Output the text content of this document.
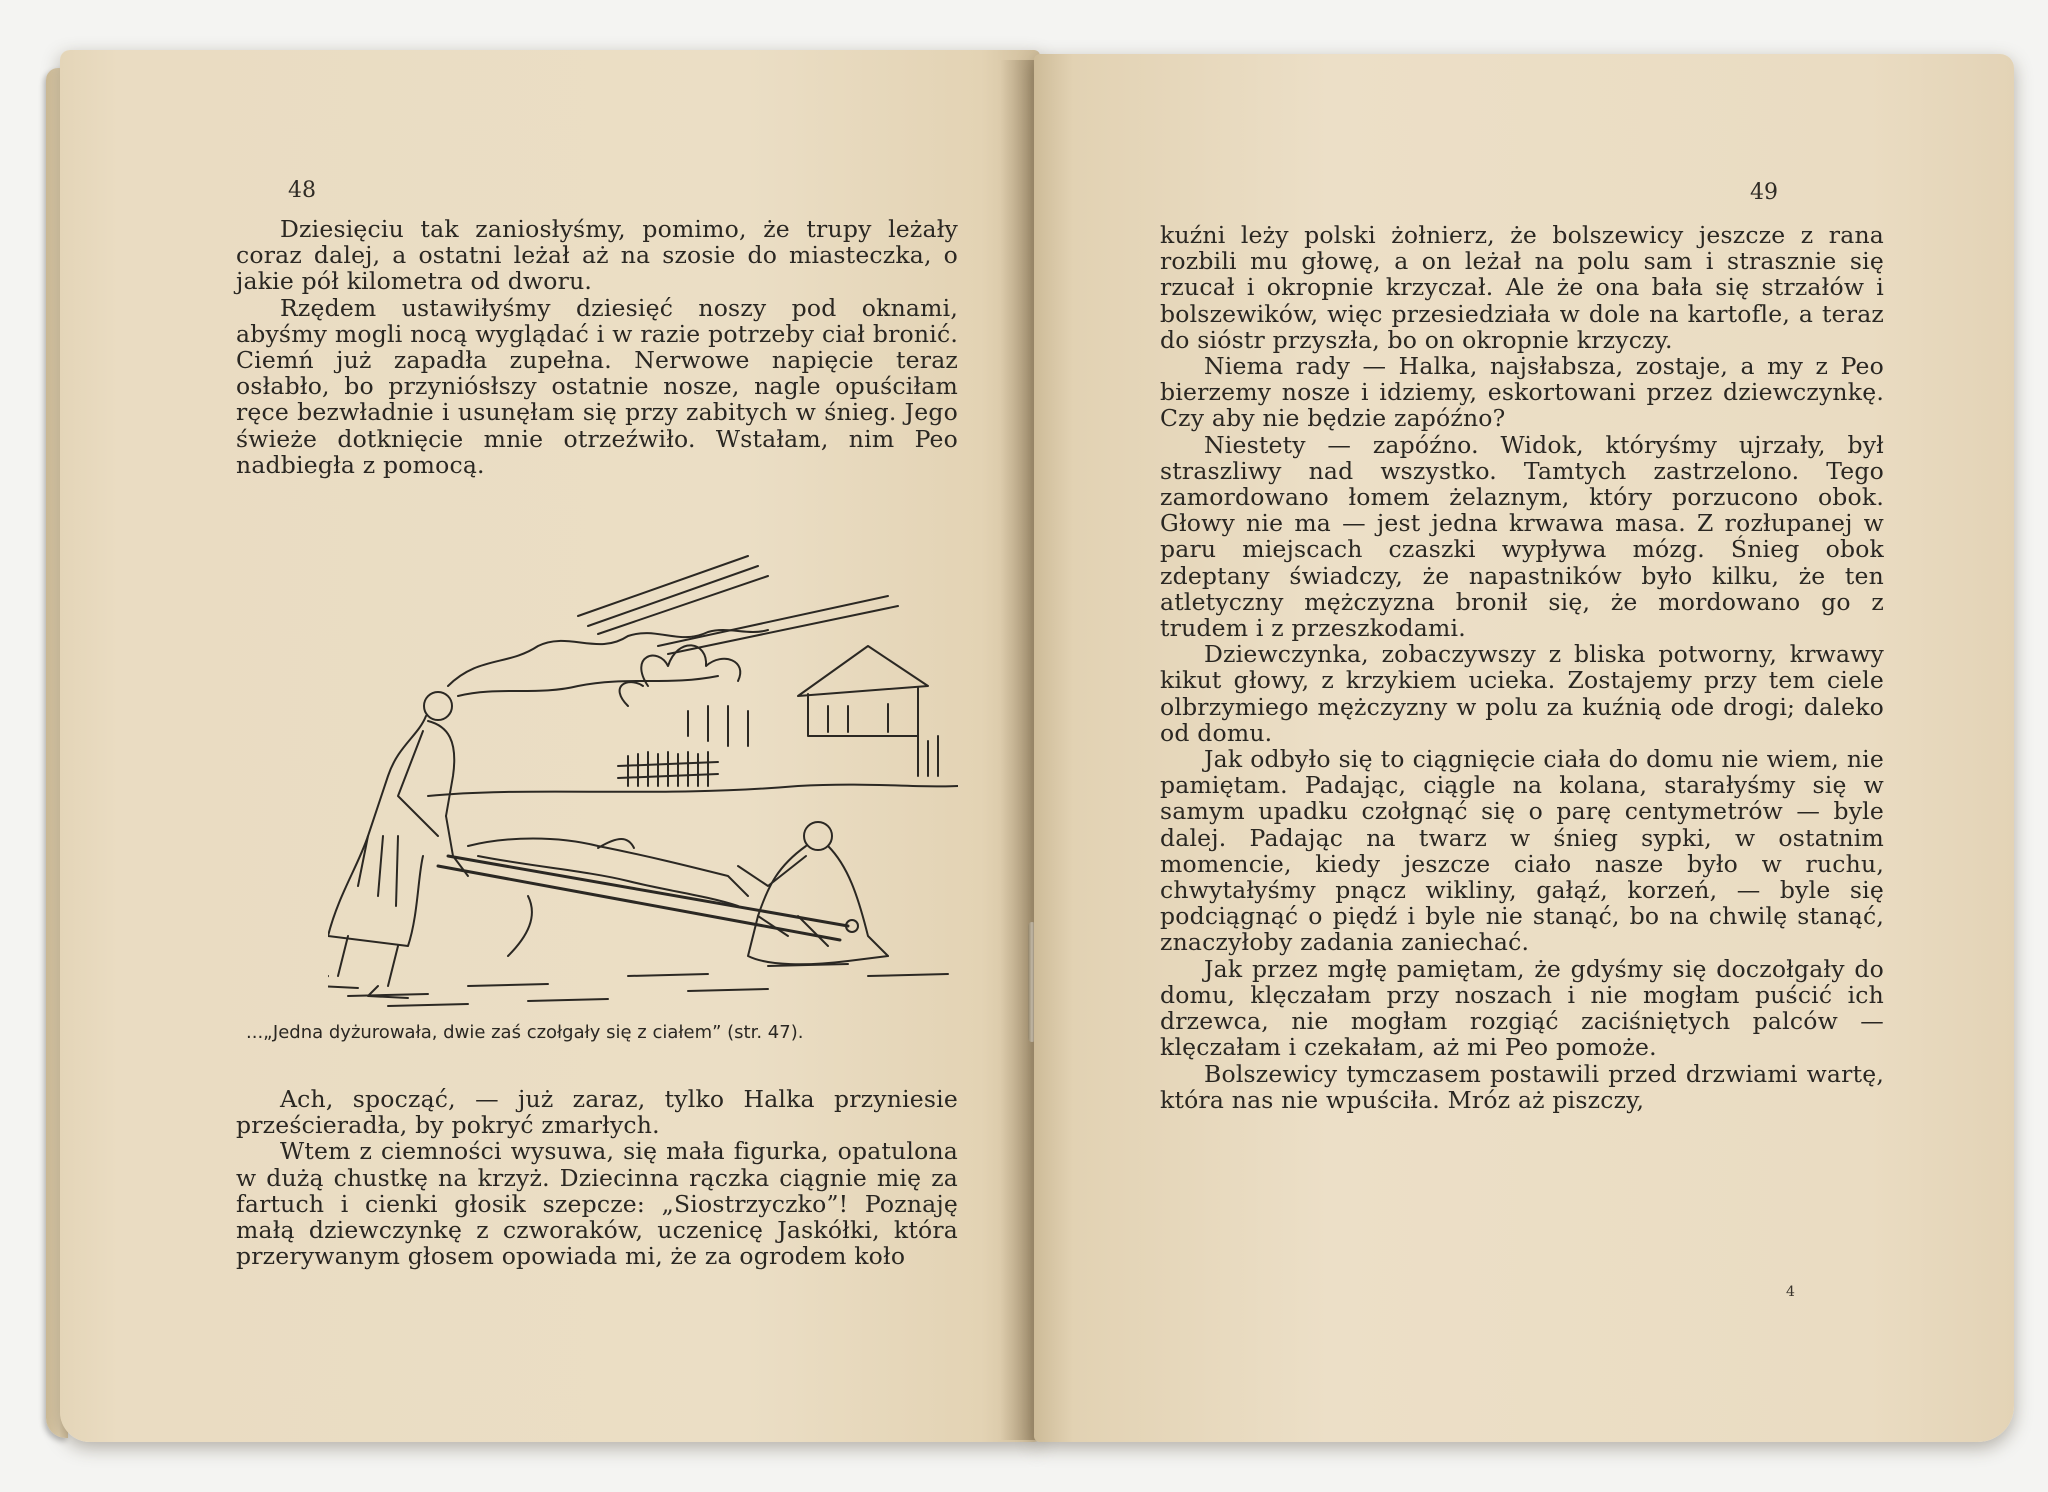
48

Dziesięciu tak zaniosłyśmy, pomimo, że trupy leżały coraz dalej, a ostatni leżał aż na szosie do miasteczka, o jakie pół kilometra od dworu.

Rzędem ustawiłyśmy dziesięć noszy pod oknami, abyśmy mogli nocą wyglądać i w razie potrzeby ciał bronić. Ciemń już zapadła zupełna. Nerwowe napięcie teraz osłabło, bo przyniósłszy ostatnie nosze, nagle opuściłam ręce bezwładnie i usunęłam się przy zabitych w śnieg. Jego świeże dotknięcie mnie otrzeźwiło. Wstałam, nim Peo nadbiegła z pomocą.

...„Jedna dyżurowała, dwie zaś czołgały się z ciałem” (str. 47).

Ach, spocząć, — już zaraz, tylko Halka przyniesie prześcieradła, by pokryć zmarłych.

Wtem z ciemności wysuwa, się mała figurka, opatulona w dużą chustkę na krzyż. Dziecinna rączka ciągnie mię za fartuch i cienki głosik szepcze: „Siostrzyczko”! Poznaję małą dziewczynkę z czworaków, uczenicę Jaskółki, która przerywanym głosem opowiada mi, że za ogrodem koło

49

kuźni leży polski żołnierz, że bolszewicy jeszcze z rana rozbili mu głowę, a on leżał na polu sam i strasznie się rzucał i okropnie krzyczał. Ale że ona bała się strzałów i bolszewików, więc przesiedziała w dole na kartofle, a teraz do sióstr przyszła, bo on okropnie krzyczy.

Niema rady — Halka, najsłabsza, zostaje, a my z Peo bierzemy nosze i idziemy, eskortowani przez dziewczynkę. Czy aby nie będzie zapóźno?

Niestety — zapóźno. Widok, któryśmy ujrzały, był straszliwy nad wszystko. Tamtych zastrzelono. Tego zamordowano łomem żelaznym, który porzucono obok. Głowy nie ma — jest jedna krwawa masa. Z rozłupanej w paru miejscach czaszki wypływa mózg. Śnieg obok zdeptany świadczy, że napastników było kilku, że ten atletyczny mężczyzna bronił się, że mordowano go z trudem i z przeszkodami.

Dziewczynka, zobaczywszy z bliska potworny, krwawy kikut głowy, z krzykiem ucieka. Zostajemy przy tem ciele olbrzymiego mężczyzny w polu za kuźnią ode drogi; daleko od domu.

Jak odbyło się to ciągnięcie ciała do domu nie wiem, nie pamiętam. Padając, ciągle na kolana, starałyśmy się w samym upadku czołgnąć się o parę centymetrów — byle dalej. Padając na twarz w śnieg sypki, w ostatnim momencie, kiedy jeszcze ciało nasze było w ruchu, chwytałyśmy pnącz wikliny, gałąź, korzeń, — byle się podciągnąć o piędź i byle nie stanąć, bo na chwilę stanąć, znaczyłoby zadania zaniechać.

Jak przez mgłę pamiętam, że gdyśmy się doczołgały do domu, klęczałam przy noszach i nie mogłam puścić ich drzewca, nie mogłam rozgiąć zaciśniętych palców — klęczałam i czekałam, aż mi Peo pomoże.

Bolszewicy tymczasem postawili przed drzwiami wartę, która nas nie wpuściła. Mróz aż piszczy,

4
